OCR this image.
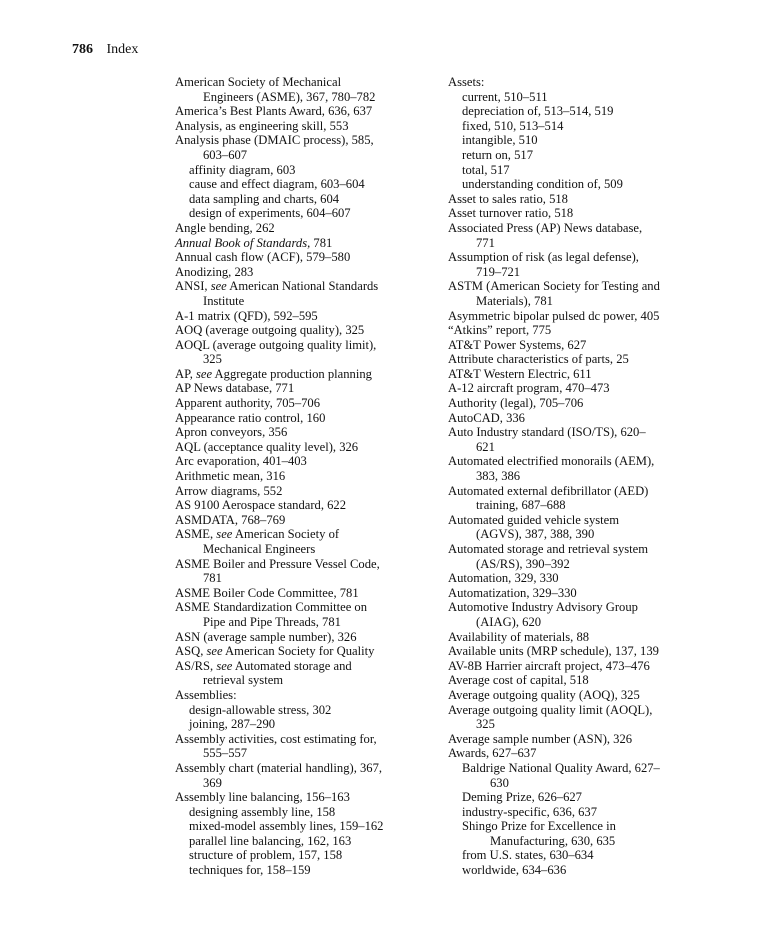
786 Index
American Society of Mechanical
Engineers (ASME), 367, 780–782
America’s Best Plants Award, 636, 637
Analysis, as engineering skill, 553
Analysis phase (DMAIC process), 585,
603–607
affinity diagram, 603
cause and effect diagram, 603–604
data sampling and charts, 604
design of experiments, 604–607
Angle bending, 262
Annual Book of Standards, 781
Annual cash flow (ACF), 579–580
Anodizing, 283
ANSI, see American National Standards
Institute
A-1 matrix (QFD), 592–595
AOQ (average outgoing quality), 325
AOQL (average outgoing quality limit),
325
AP, see Aggregate production planning
AP News database, 771
Apparent authority, 705–706
Appearance ratio control, 160
Apron conveyors, 356
AQL (acceptance quality level), 326
Arc evaporation, 401–403
Arithmetic mean, 316
Arrow diagrams, 552
AS 9100 Aerospace standard, 622
ASMDATA, 768–769
ASME, see American Society of
Mechanical Engineers
ASME Boiler and Pressure Vessel Code,
781
ASME Boiler Code Committee, 781
ASME Standardization Committee on
Pipe and Pipe Threads, 781
ASN (average sample number), 326
ASQ, see American Society for Quality
AS/RS, see Automated storage and
retrieval system
Assemblies:
design-allowable stress, 302
joining, 287–290
Assembly activities, cost estimating for,
555–557
Assembly chart (material handling), 367,
369
Assembly line balancing, 156–163
designing assembly line, 158
mixed-model assembly lines, 159–162
parallel line balancing, 162, 163
structure of problem, 157, 158
techniques for, 158–159
Assets:
current, 510–511
depreciation of, 513–514, 519
fixed, 510, 513–514
intangible, 510
return on, 517
total, 517
understanding condition of, 509
Asset to sales ratio, 518
Asset turnover ratio, 518
Associated Press (AP) News database,
771
Assumption of risk (as legal defense),
719–721
ASTM (American Society for Testing and
Materials), 781
Asymmetric bipolar pulsed dc power, 405
“Atkins” report, 775
AT&T Power Systems, 627
Attribute characteristics of parts, 25
AT&T Western Electric, 611
A-12 aircraft program, 470–473
Authority (legal), 705–706
AutoCAD, 336
Auto Industry standard (ISO/TS), 620–
621
Automated electrified monorails (AEM),
383, 386
Automated external defibrillator (AED)
training, 687–688
Automated guided vehicle system
(AGVS), 387, 388, 390
Automated storage and retrieval system
(AS/RS), 390–392
Automation, 329, 330
Automatization, 329–330
Automotive Industry Advisory Group
(AIAG), 620
Availability of materials, 88
Available units (MRP schedule), 137, 139
AV-8B Harrier aircraft project, 473–476
Average cost of capital, 518
Average outgoing quality (AOQ), 325
Average outgoing quality limit (AOQL),
325
Average sample number (ASN), 326
Awards, 627–637
Baldrige National Quality Award, 627–
630
Deming Prize, 626–627
industry-specific, 636, 637
Shingo Prize for Excellence in
Manufacturing, 630, 635
from U.S. states, 630–634
worldwide, 634–636
